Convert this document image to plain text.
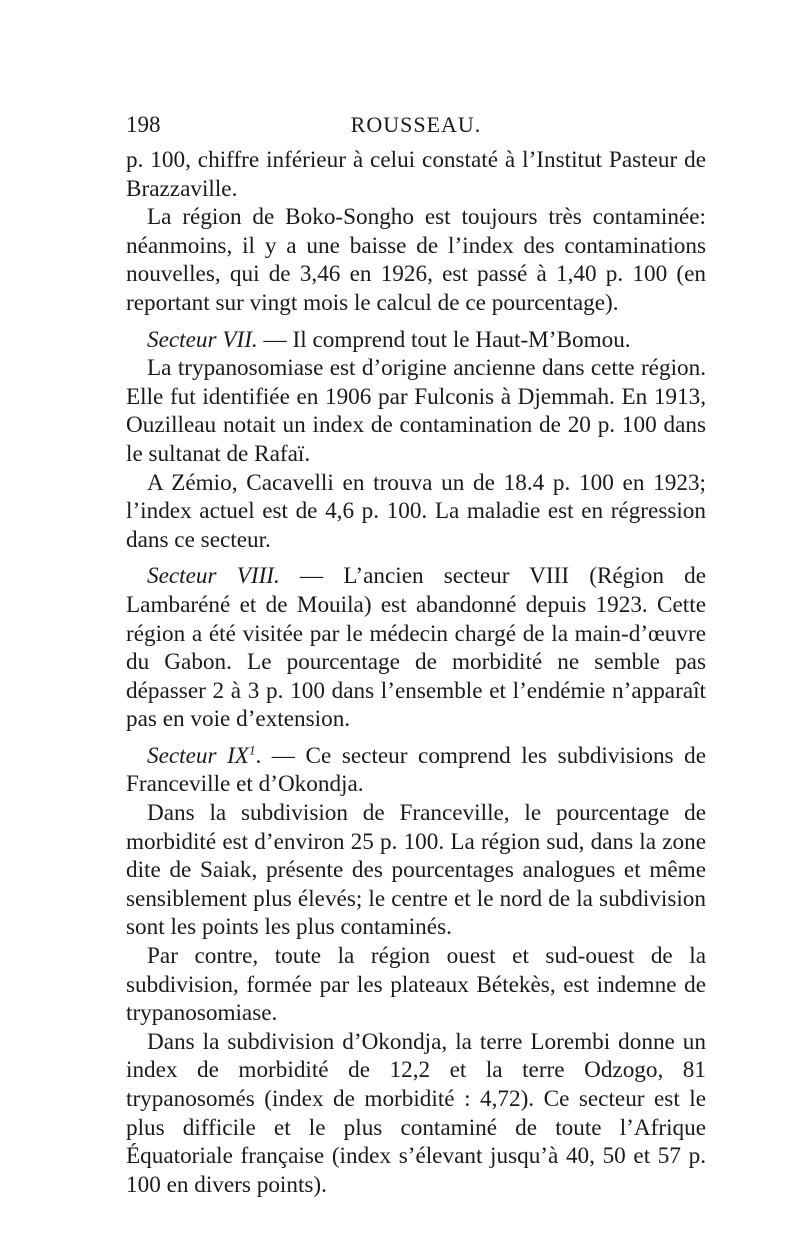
198	ROUSSEAU.

p. 100, chiffre inférieur à celui constaté à l’Institut Pasteur de Brazzaville.

La région de Boko-Songho est toujours très contaminée: néanmoins, il y a une baisse de l’index des contaminations nouvelles, qui de 3,46 en 1926, est passé à 1,40 p. 100 (en reportant sur vingt mois le calcul de ce pourcentage).

Secteur VII. — Il comprend tout le Haut-M’Bomou.

La trypanosomiase est d’origine ancienne dans cette région. Elle fut identifiée en 1906 par Fulconis à Djemmah. En 1913, Ouzilleau notait un index de contamination de 20 p. 100 dans le sultanat de Rafaï.

A Zémio, Cacavelli en trouva un de 18.4 p. 100 en 1923; l’index actuel est de 4,6 p. 100. La maladie est en régression dans ce secteur.

Secteur VIII. — L’ancien secteur VIII (Région de Lambaréné et de Mouila) est abandonné depuis 1923. Cette région a été visitée par le médecin chargé de la main-d’œuvre du Gabon. Le pourcentage de morbidité ne semble pas dépasser 2 à 3 p. 100 dans l’ensemble et l’endémie n’apparaît pas en voie d’extension.

Secteur $IX^1$. — Ce secteur comprend les subdivisions de Franceville et d’Okondja.

Dans la subdivision de Franceville, le pourcentage de morbidité est d’environ 25 p. 100. La région sud, dans la zone dite de Saiak, présente des pourcentages analogues et même sensiblement plus élevés; le centre et le nord de la subdivision sont les points les plus contaminés.

Par contre, toute la région ouest et sud-ouest de la subdivision, formée par les plateaux Bétekès, est indemne de trypanosomiase.

Dans la subdivision d’Okondja, la terre Lorembi donne un index de morbidité de 12,2 et la terre Odzogo, 81 trypanosomés (index de morbidité : 4,72). Ce secteur est le plus difficile et le plus contaminé de toute l’Afrique Équatoriale française (index s’élevant jusqu’à 40, 50 et 57 p. 100 en divers points).
